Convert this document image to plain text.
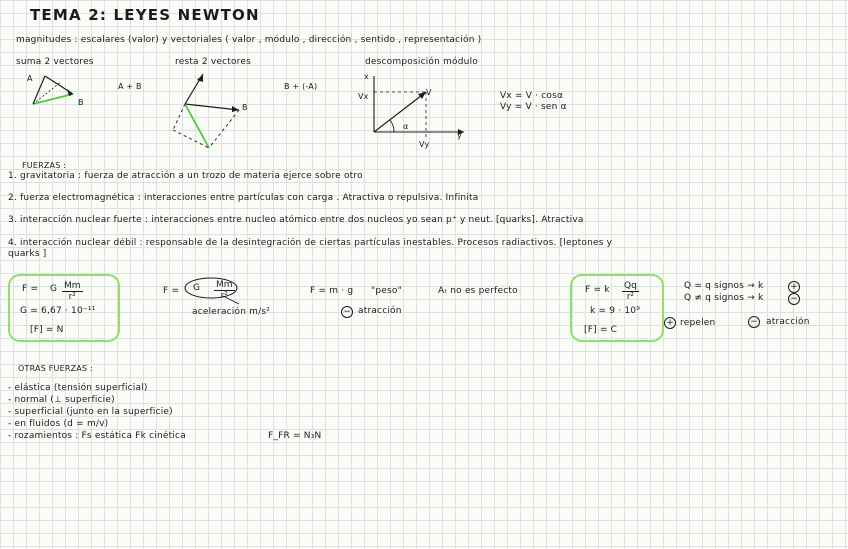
TEMA 2: LEYES NEWTON
magnitudes : escalares (valor) y vectoriales ( valor , módulo , dirección , sentido , representación )
suma 2 vectores
A
B
A + B
resta 2 vectores
B
B + (-A)
descomposición módulo
x
y
Vx	V
Vy
α
Vx = V · cosα
Vy = V · sen α
FUERZAS :
1. gravitatoria : fuerza de atracción a un trozo de materia ejerce sobre otro
2. fuerza electromagnética : interacciones entre partículas con carga . Atractiva o repulsiva. Infinita
3. interacción nuclear fuerte : interacciones entre nucleo atómico entre dos nucleos yo sean p⁺ y neut. [quarks]. Atractiva
4. interacción nuclear débil : responsable de la desintegración de ciertas partículas inestables. Procesos radiactivos. [leptones y
quarks ]
F = G $\frac{Mm}{\text{r²}}$
G = 6,67 · 10⁻¹¹
[F] = N
F = G $\frac{Mm}{\text{r²}}$
aceleración m/s²	− atracción
F = m · g "peso"	Aₜ no es perfecto	F = k $\frac{Qq}{\text{r²}}$
k = 9 · 10⁹
[F] = C
Q = q signos → k	+
Q ≠ q signos → k	−
+ repelen	− atracción
OTRAS FUERZAS :
- elástica (tensión superficial)
- normal (⊥ superficie)
- superficial (junto en la superficie)
- en fluidos (d = m/v)
- rozamientos : Fs estática Fk cinética	F_FR = N₃N
